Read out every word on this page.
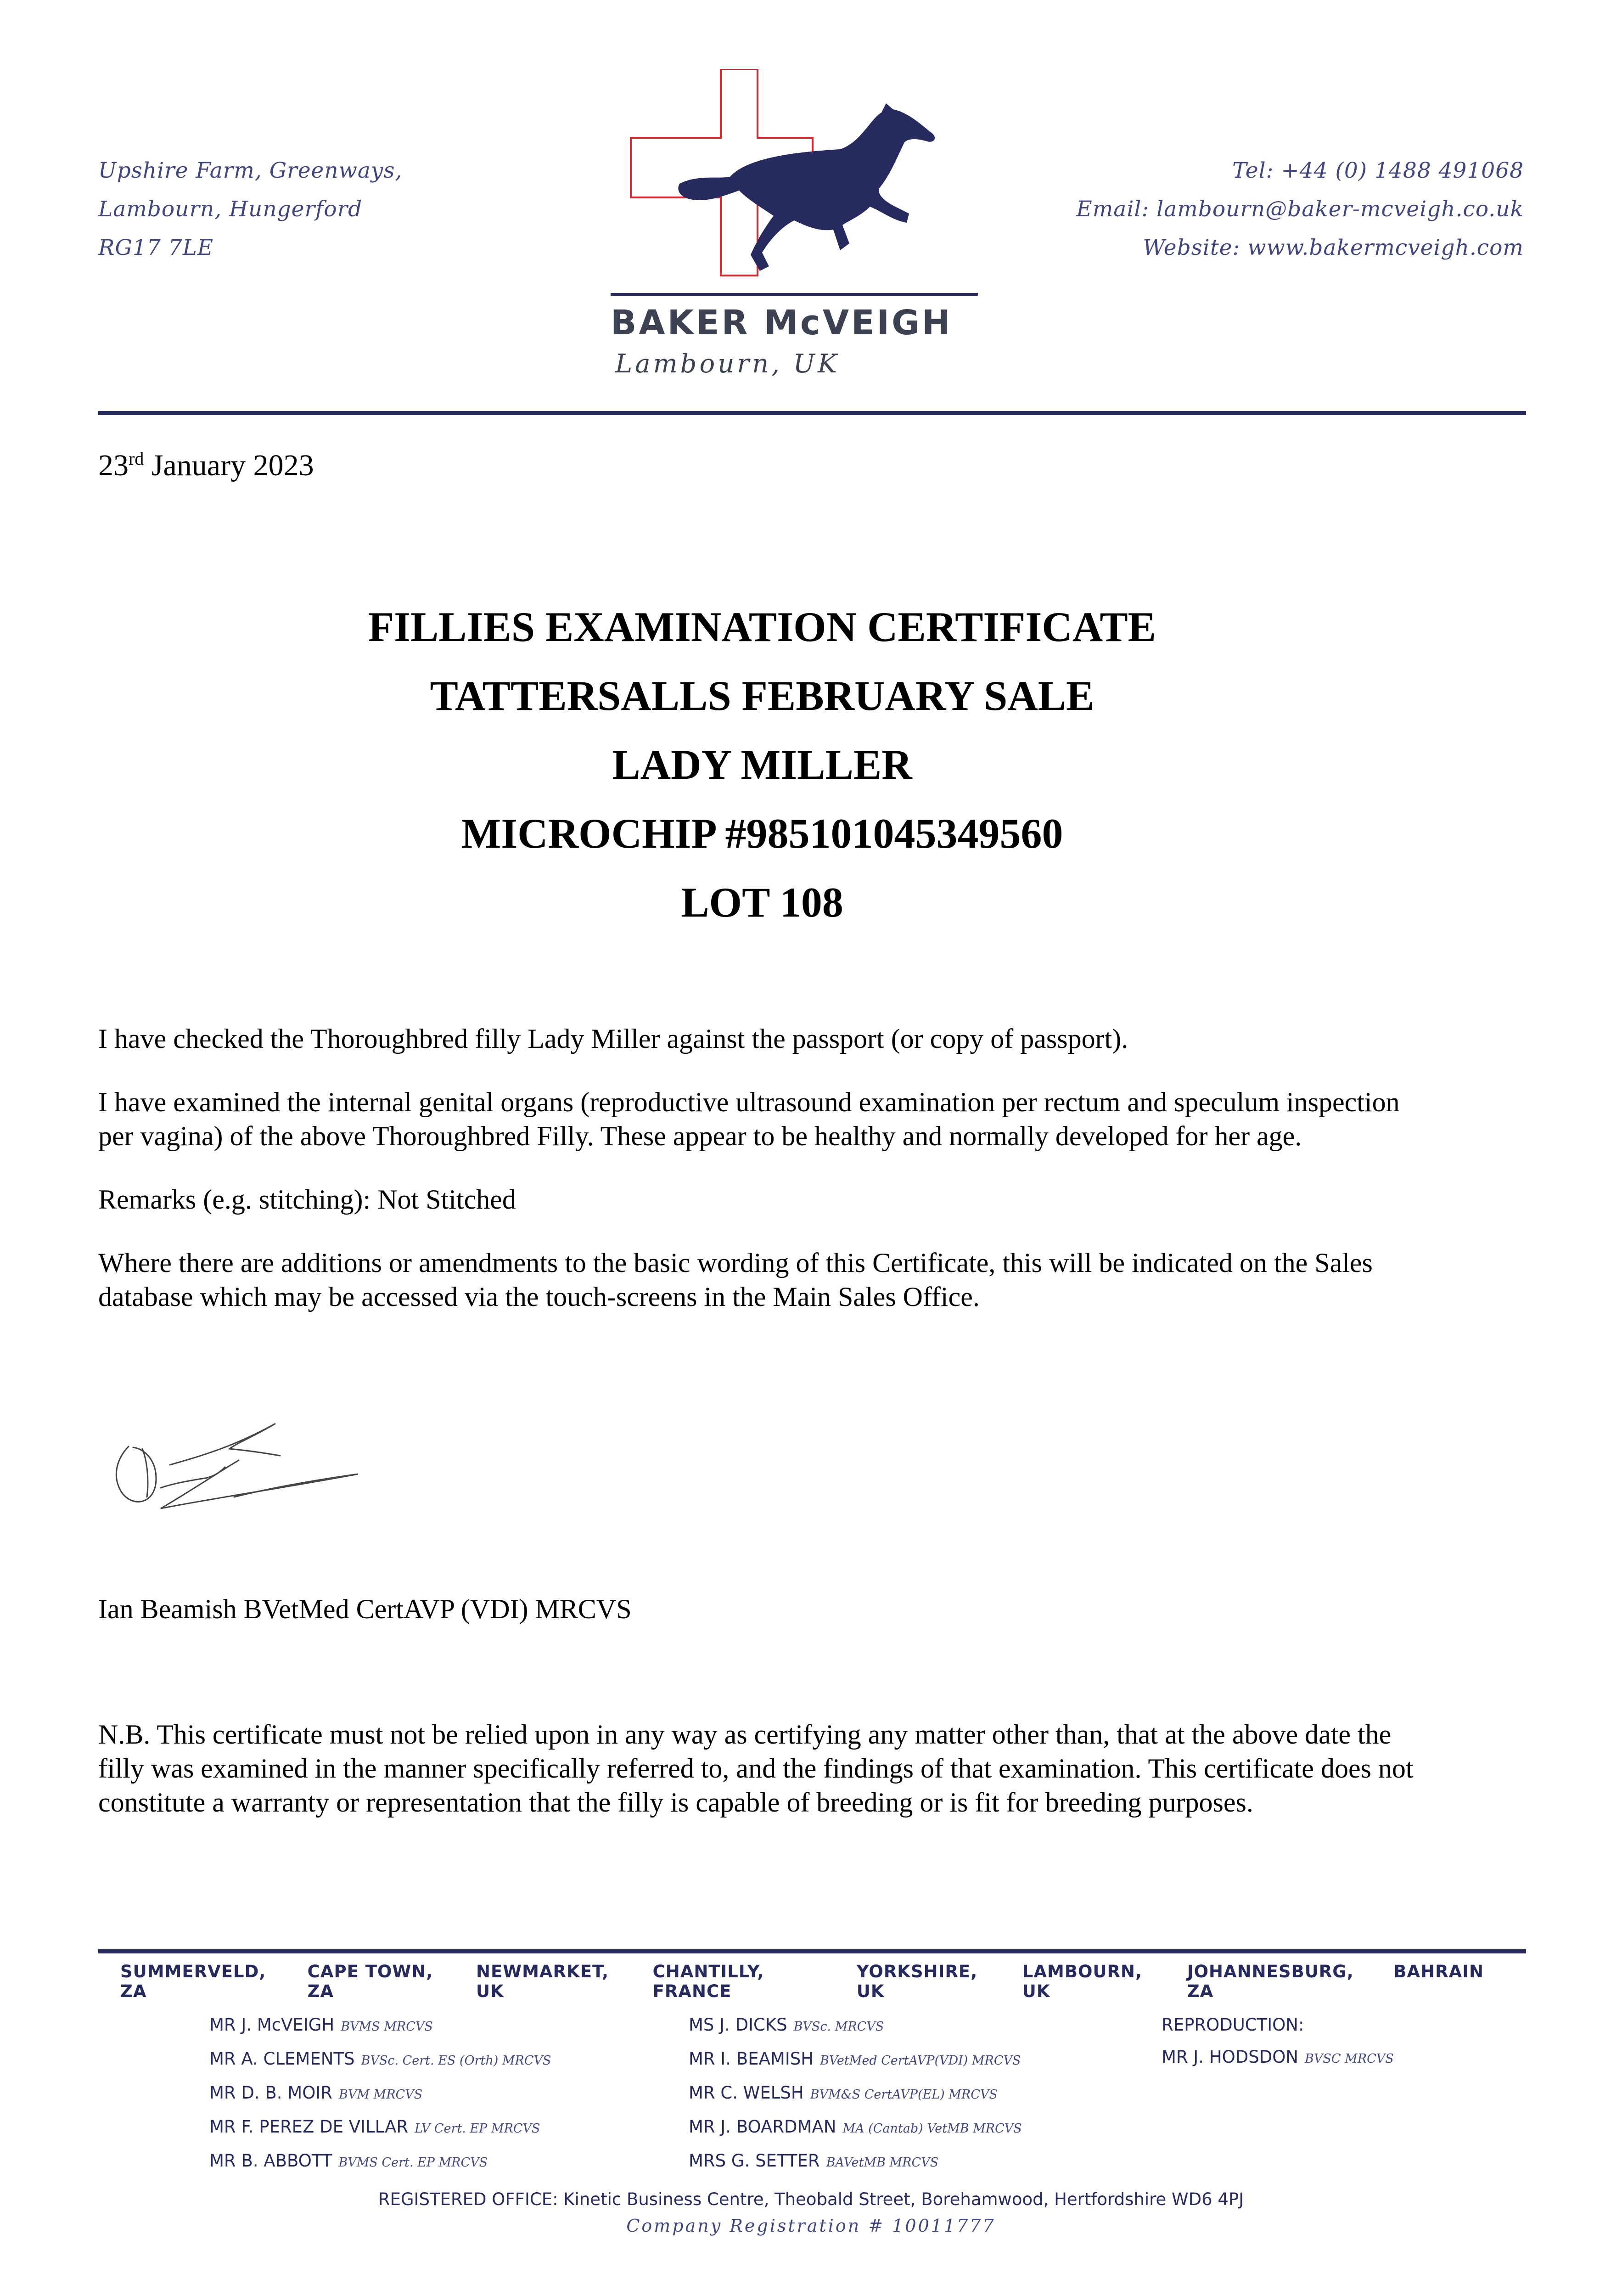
Upshire Farm, Greenways,
Lambourn, Hungerford
RG17 7LE
BAKER McVEIGH
Lambourn, UK
Tel: +44 (0) 1488 491068
Email: lambourn@baker-mcveigh.co.uk
Website: www.bakermcveigh.com
23rd January 2023
FILLIES EXAMINATION CERTIFICATE
TATTERSALLS FEBRUARY SALE
LADY MILLER
MICROCHIP #985101045349560
LOT 108

I have checked the Thoroughbred filly Lady Miller against the passport (or copy of passport).

I have examined the internal genital organs (reproductive ultrasound examination per rectum and speculum inspection per vagina) of the above Thoroughbred Filly. These appear to be healthy and normally developed for her age.

Remarks (e.g. stitching): Not Stitched

Where there are additions or amendments to the basic wording of this Certificate, this will be indicated on the Sales database which may be accessed via the touch-screens in the Main Sales Office.

Ian Beamish BVetMed CertAVP (VDI) MRCVS
N.B. This certificate must not be relied upon in any way as certifying any matter other than, that at the above date the filly was examined in the manner specifically referred to, and the findings of that examination. This certificate does not constitute a warranty or representation that the filly is capable of breeding or is fit for breeding purposes.
SUMMERVELD, ZA
CAPE TOWN, ZA
NEWMARKET, UK
CHANTILLY, FRANCE
YORKSHIRE, UK
LAMBOURN, UK
JOHANNESBURG, ZA
BAHRAIN
MR J. McVEIGH BVMS MRCVS
MR A. CLEMENTS BVSc. Cert. ES (Orth) MRCVS
MR D. B. MOIR BVM MRCVS
MR F. PEREZ DE VILLAR LV Cert. EP MRCVS
MR B. ABBOTT BVMS Cert. EP MRCVS
MS J. DICKS BVSc. MRCVS
MR I. BEAMISH BVetMed CertAVP(VDI) MRCVS
MR C. WELSH BVM&S CertAVP(EL) MRCVS
MR J. BOARDMAN MA (Cantab) VetMB MRCVS
MRS G. SETTER BAVetMB MRCVS
REPRODUCTION:
MR J. HODSDON BVSC MRCVS
REGISTERED OFFICE: Kinetic Business Centre, Theobald Street, Borehamwood, Hertfordshire WD6 4PJ
Company Registration # 10011777
